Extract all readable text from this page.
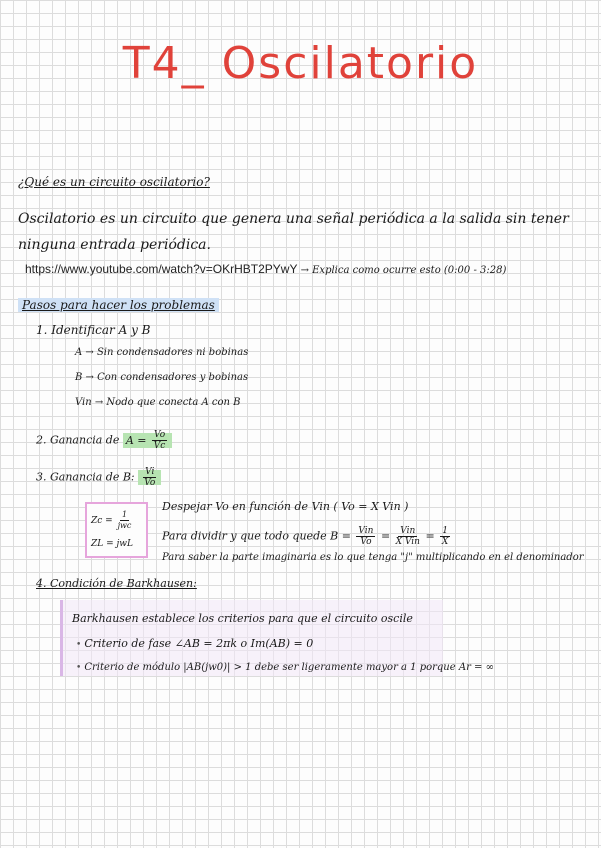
T4_ Oscilatorio
¿Qué es un circuito oscilatorio?
Oscilatorio es un circuito que genera una señal periódica a la salida sin tener ninguna entrada periódica.
https://www.youtube.com/watch?v=OKrHBT2PYwY → Explica como ocurre esto (0:00 - 3:28)
Pasos para hacer los problemas
1. Identificar A y B
A → Sin condensadores ni bobinas
B → Con condensadores y bobinas
Vin → Nodo que conecta A con B
2. Ganancia de $A = \frac{Vo}{Vc}$
3. Ganancia de B: $\frac{Vi}{Vo}$
$Zc = \frac{1}{\text{jwc}}$
ZL = jwL
Despejar Vo en función de Vin ( Vo = X Vin )
Para dividir y que todo quede $B = \frac{\text{Vin}}{Vo} = \frac{\text{Vin}}{\text{X Vin}} = \frac{1}{X}$
Para saber la parte imaginaria es lo que tenga "j" multiplicando en el denominador
4. Condición de Barkhausen:
Barkhausen establece los criterios para que el circuito oscile
• Criterio de fase ∠AB = 2πk o Im(AB) = 0
• Criterio de módulo |AB(jw0)| > 1 debe ser ligeramente mayor a 1 porque Ar = ∞
